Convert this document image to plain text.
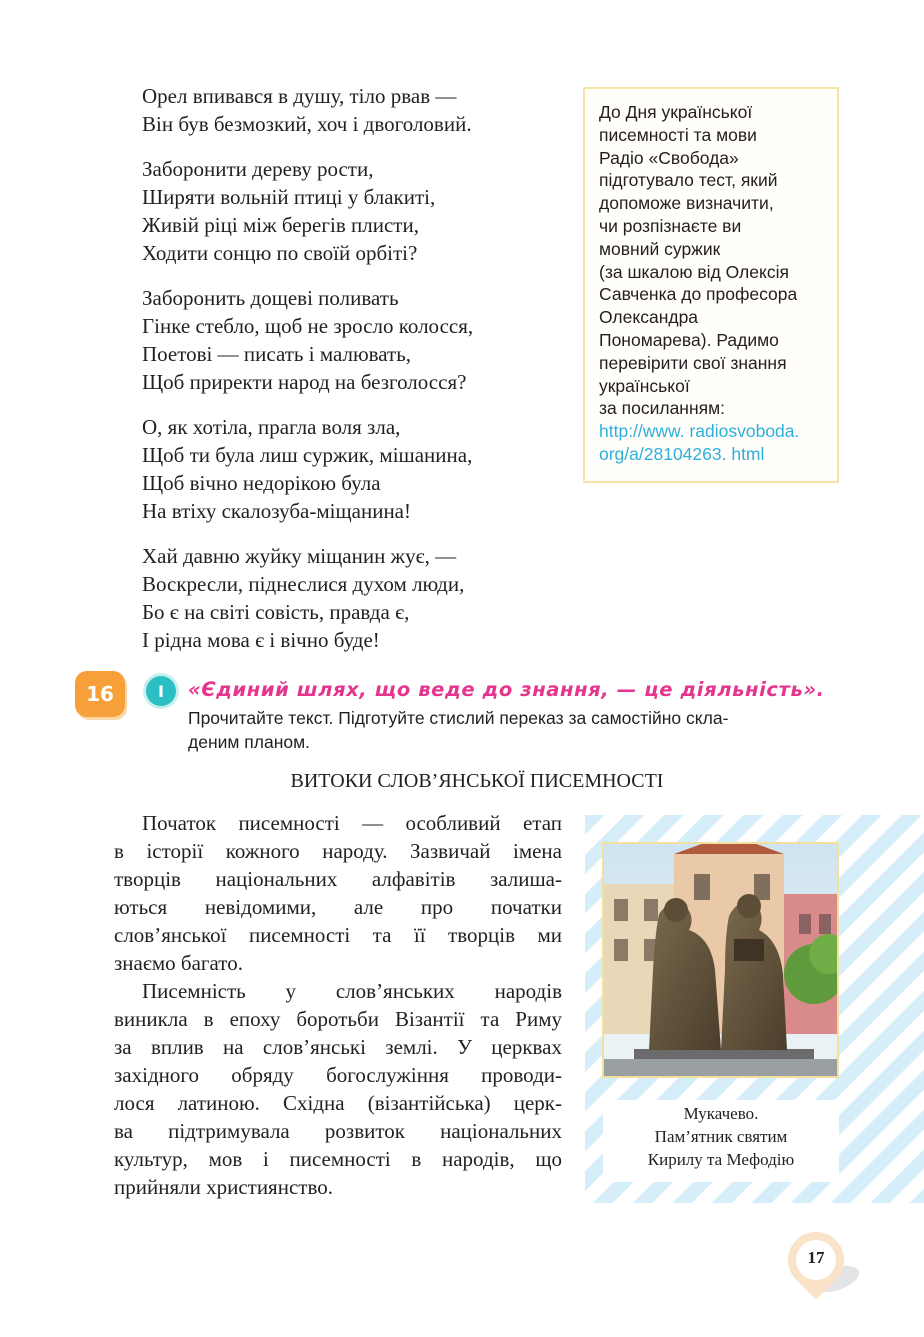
Орел впивався в душу, тіло рвав —
Він був безмозкий, хоч і двоголовий.
Заборонити дереву рости,
Ширяти вольній птиці у блакиті,
Живій ріці між берегів плисти,
Ходити сонцю по своїй орбіті?
Заборонить дощеві поливать
Гінке стебло, щоб не зросло колосся,
Поетові — писать і малювать,
Щоб приректи народ на безголосся?
О, як хотіла, прагла воля зла,
Щоб ти була лиш суржик, мішанина,
Щоб вічно недорікою була
На втіху скалозуба-міщанина!
Хай давню жуйку міщанин жує, —
Воскресли, піднеслися духом люди,
Бо є на світі совість, правда є,
І рідна мова є і вічно буде!
До Дня української
писемності та мови
Радіо «Свобода»
підготувало тест, який
допоможе визначити,
чи розпізнаєте ви
мовний суржик
(за шкалою від Олексія
Савченка до професора
Олександра
Пономарева). Радимо
перевірити свої знання
української
за посиланням:
http://www. radiosvoboda.
org/a/28104263. html
16	I	«Єдиний шлях, що веде до знання, — це діяльність».
Прочитайте текст. Підготуйте стислий переказ за самостійно скла-
деним планом.
ВИТОКИ СЛОВ’ЯНСЬКОЇ ПИСЕМНОСТІ
Початок писемності — особливий етап
в історії кожного народу. Зазвичай імена
творців національних алфавітів залиша-
ються невідомими, але про початки
слов’янської писемності та її творців ми
знаємо багато.
Писемність у слов’янських народів
виникла в епоху боротьби Візантії та Риму
за вплив на слов’янські землі. У церквах
західного обряду богослужіння проводи-
лося латиною. Східна (візантійська) церк-
ва підтримувала розвиток національних
культур, мов і писемності в народів, що
прийняли християнство.
Мукачево.
Пам’ятник святим
Кирилу та Мефодію
17
